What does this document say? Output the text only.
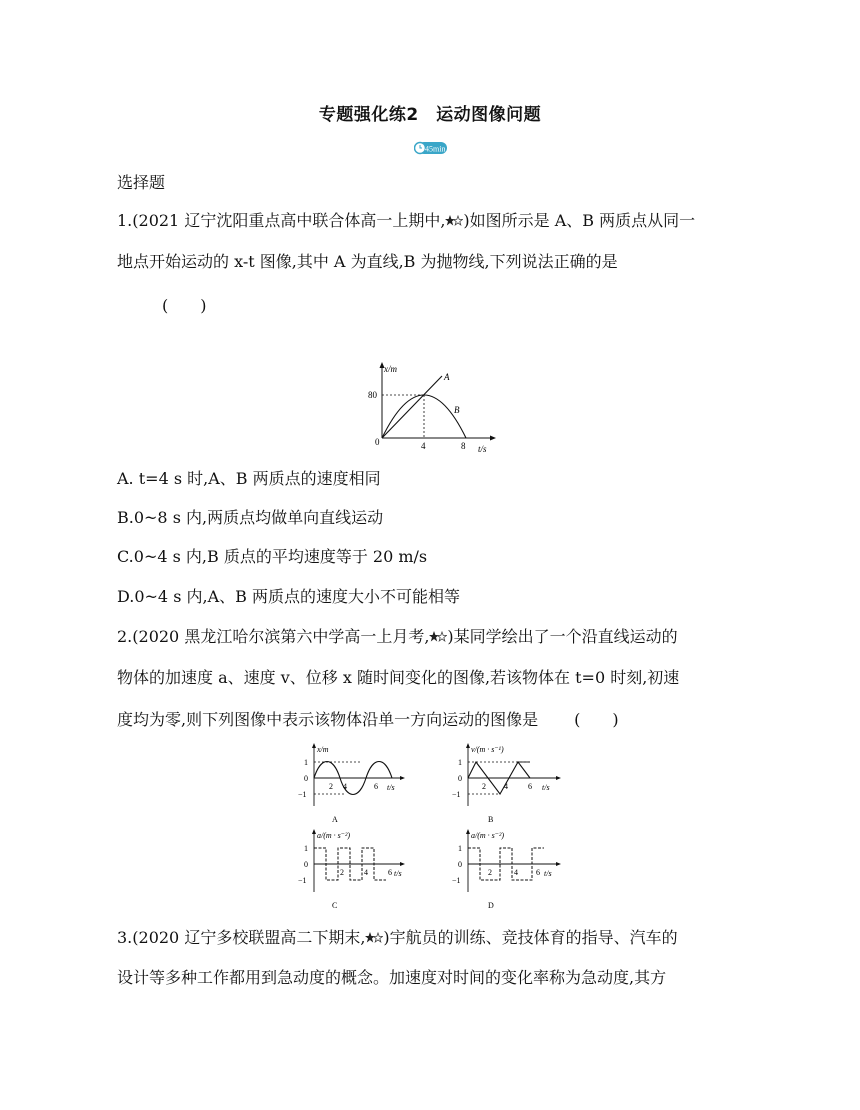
专题强化练2　运动图像问题
45min
选择题
1.(2021 辽宁沈阳重点高中联合体高一上期中, )如图所示是 A、B 两质点从同一
地点开始运动的 x-t 图像,其中 A 为直线,B 为抛物线,下列说法正确的是
(　　)
x/m
80
0	4	8 t/s
A
B
A. t=4 s 时,A、B 两质点的速度相同
B.0~8 s 内,两质点均做单向直线运动
C.0~4 s 内,B 质点的平均速度等于 20 m/s
D.0~4 s 内,A、B 两质点的速度大小不可能相等
2.(2020 黑龙江哈尔滨第六中学高一上月考, )某同学绘出了一个沿直线运动的
物体的加速度 a、速度 v、位移 x 随时间变化的图像,若该物体在 t=0 时刻,初速
度均为零,则下列图像中表示该物体沿单一方向运动的图像是 (　　)
x/m
1
0
−1
2 4	6 t/s
A
v/(m · s⁻¹)
1
0
−1
2 4	6 t/s
B
a/(m · s⁻²)
1
0
−1
2	4	6 t/s
C
a/(m · s⁻²)
1
0
−1
2	4 6 t/s
D
3.(2020 辽宁多校联盟高二下期末, )宇航员的训练、竞技体育的指导、汽车的
设计等多种工作都用到急动度的概念。加速度对时间的变化率称为急动度,其方
